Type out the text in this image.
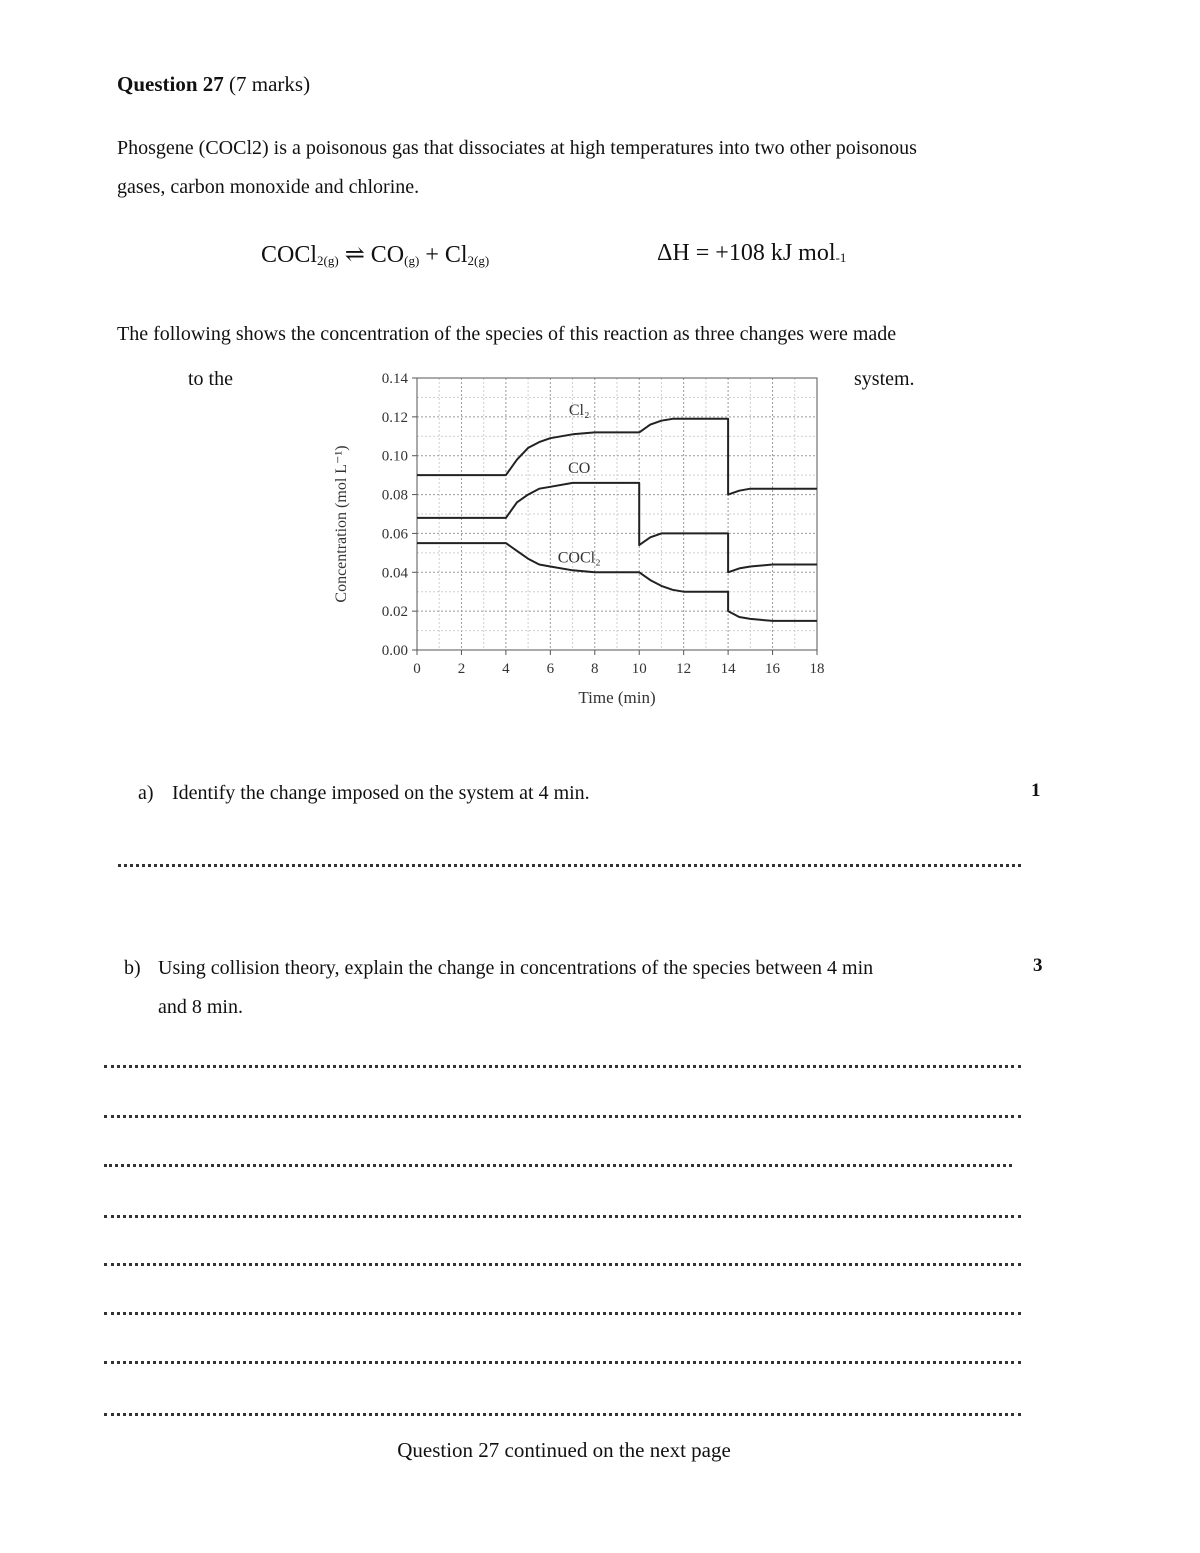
Question 27 (7 marks)
Phosgene (COCl2) is a poisonous gas that dissociates at high temperatures into two other poisonous
gases, carbon monoxide and chlorine.
COCl$_{2(g)}$ ⇌ $CO_{(g)} + Cl_{2(g)}$	ΔH = +108 kJ mol-1
The following shows the concentration of the species of this reaction as three changes were made
to the	system.
0 2 4 6 8 10 12 14 16 18
0.00
0.02
0.04
0.06
0.08
0.10
0.12
0.14
Cl₂
CO
COCl₂
Time (min)
Concentration (mol L⁻¹)
a) Identify the change imposed on the system at 4 min.	1
b) Using collision theory, explain the change in concentrations of the species between 4 min
and 8 min.
3
Question 27 continued on the next page
